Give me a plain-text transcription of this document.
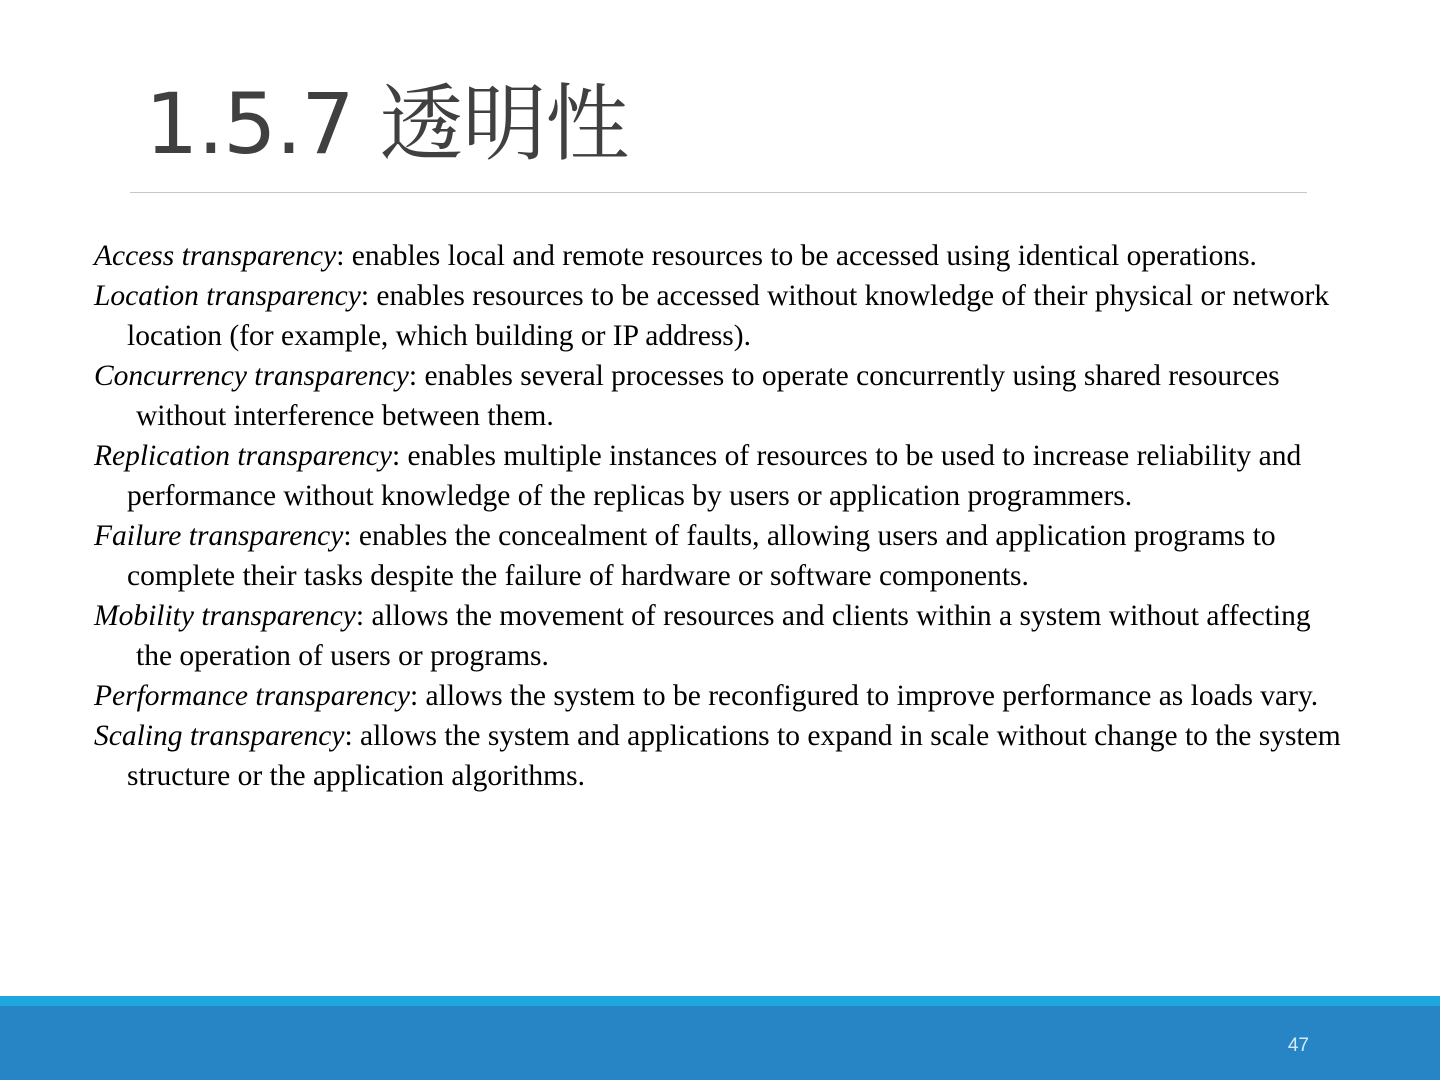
1.5.7 透明性

Access transparency: enables local and remote resources to be accessed using identical operations.

Location transparency: enables resources to be accessed without knowledge of their physical or network location (for example, which building or IP address).

Concurrency transparency: enables several processes to operate concurrently using shared resources without interference between them.

Replication transparency: enables multiple instances of resources to be used to increase reliability and performance without knowledge of the replicas by users or application programmers.

Failure transparency: enables the concealment of faults, allowing users and application programs to complete their tasks despite the failure of hardware or software components.

Mobility transparency: allows the movement of resources and clients within a system without affecting the operation of users or programs.

Performance transparency: allows the system to be reconfigured to improve performance as loads vary.

Scaling transparency: allows the system and applications to expand in scale without change to the system structure or the application algorithms.

47
